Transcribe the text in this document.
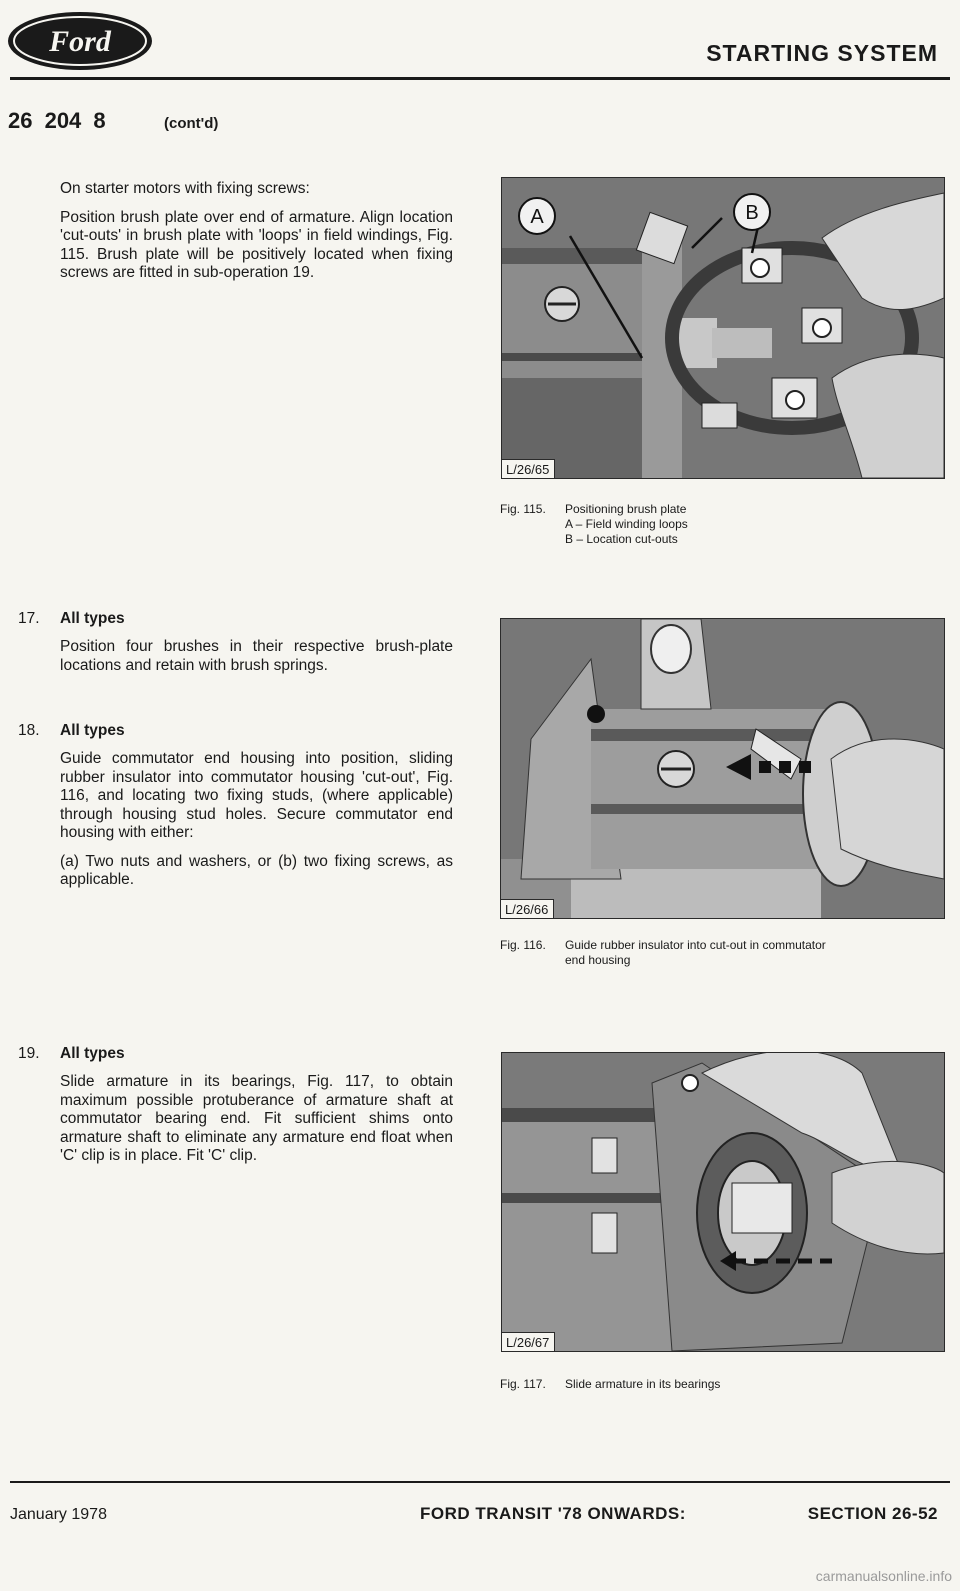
Ford	STARTING SYSTEM
26 204 8	(cont'd)

On starter motors with fixing screws:

Position brush plate over end of armature. Align location 'cut-outs' in brush plate with 'loops' in field windings, Fig. 115. Brush plate will be positively located when fixing screws are fitted in sub-operation 19.

17. All types

Position four brushes in their respective brush-plate locations and retain with brush springs.

18. All types

Guide commutator end housing into position, sliding rubber insulator into commutator housing 'cut-out', Fig. 116, and locating two fixing studs, (where applicable) through housing stud holes. Secure commutator end housing with either:

(a) Two nuts and washers, or (b) two fixing screws, as applicable.

19. All types

Slide armature in its bearings, Fig. 117, to obtain maximum possible protuberance of armature shaft at commutator bearing end. Fit sufficient shims onto armature shaft to eliminate any armature end float when 'C' clip is in place. Fit 'C' clip.

A	B
L/26/65
Fig. 115. Positioning brush plate
A – Field winding loops
B – Location cut-outs
L/26/66
Fig. 116. Guide rubber insulator into cut-out in commutator
end housing
L/26/67
Fig. 117. Slide armature in its bearings
January 1978	FORD TRANSIT '78 ONWARDS:	SECTION 26-52
carmanualsonline.info
